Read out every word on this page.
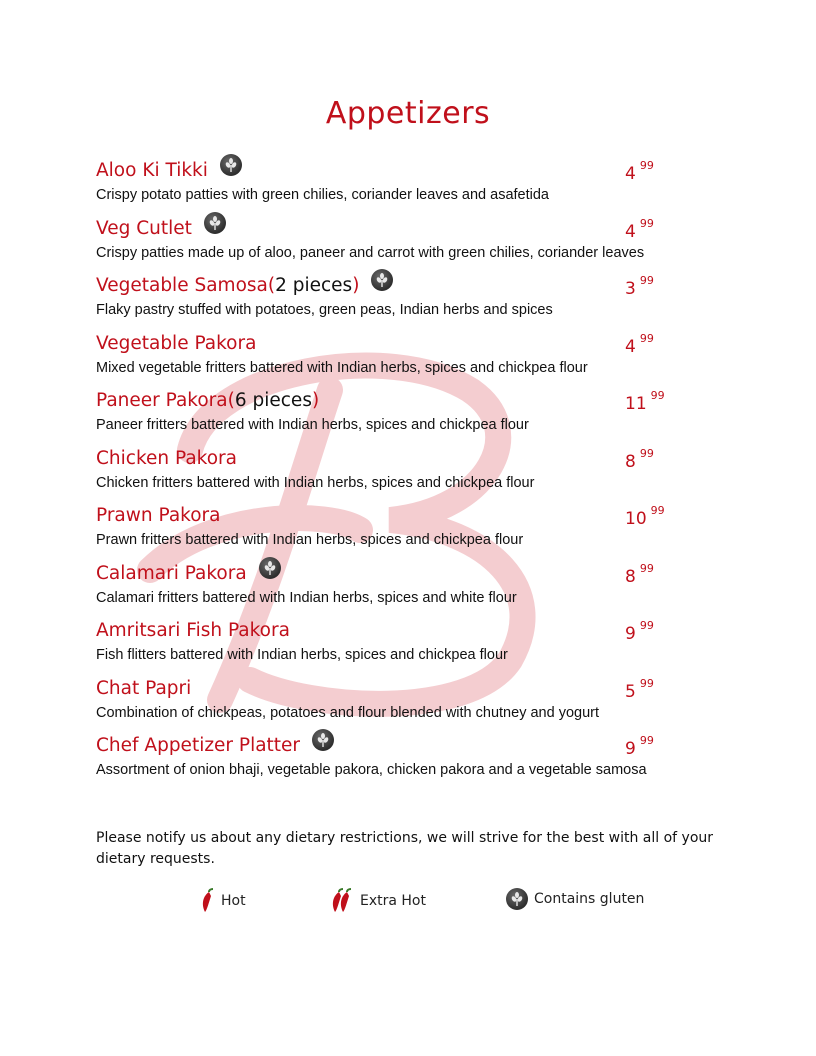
Appetizers
Aloo Ki Tikki	4 $^{99}$
Crispy potato patties with green chilies, coriander leaves and asafetida
Veg Cutlet	4 $^{99}$
Crispy patties made up of aloo, paneer and carrot with green chilies, coriander leaves
Vegetable Samosa ( 2 pieces )	3 $^{99}$
Flaky pastry stuffed with potatoes, green peas, Indian herbs and spices
Vegetable Pakora	4 $^{99}$
Mixed vegetable fritters battered with Indian herbs, spices and chickpea flour
Paneer Pakora ( 6 pieces )	11 $^{99}$
Paneer fritters battered with Indian herbs, spices and chickpea flour
Chicken Pakora	8 $^{99}$
Chicken fritters battered with Indian herbs, spices and chickpea flour
Prawn Pakora	10 $^{99}$
Prawn fritters battered with Indian herbs, spices and chickpea flour
Calamari Pakora	8 $^{99}$
Calamari fritters battered with Indian herbs, spices and white flour
Amritsari Fish Pakora	9 $^{99}$
Fish flitters battered with Indian herbs, spices and chickpea flour
Chat Papri	5 $^{99}$
Combination of chickpeas, potatoes and flour blended with chutney and yogurt
Chef Appetizer Platter	9 $^{99}$
Assortment of onion bhaji, vegetable pakora, chicken pakora and a vegetable samosa
Please notify us about any dietary restrictions, we will strive for the best with all of your dietary requests.
Hot	Extra Hot	Contains gluten
